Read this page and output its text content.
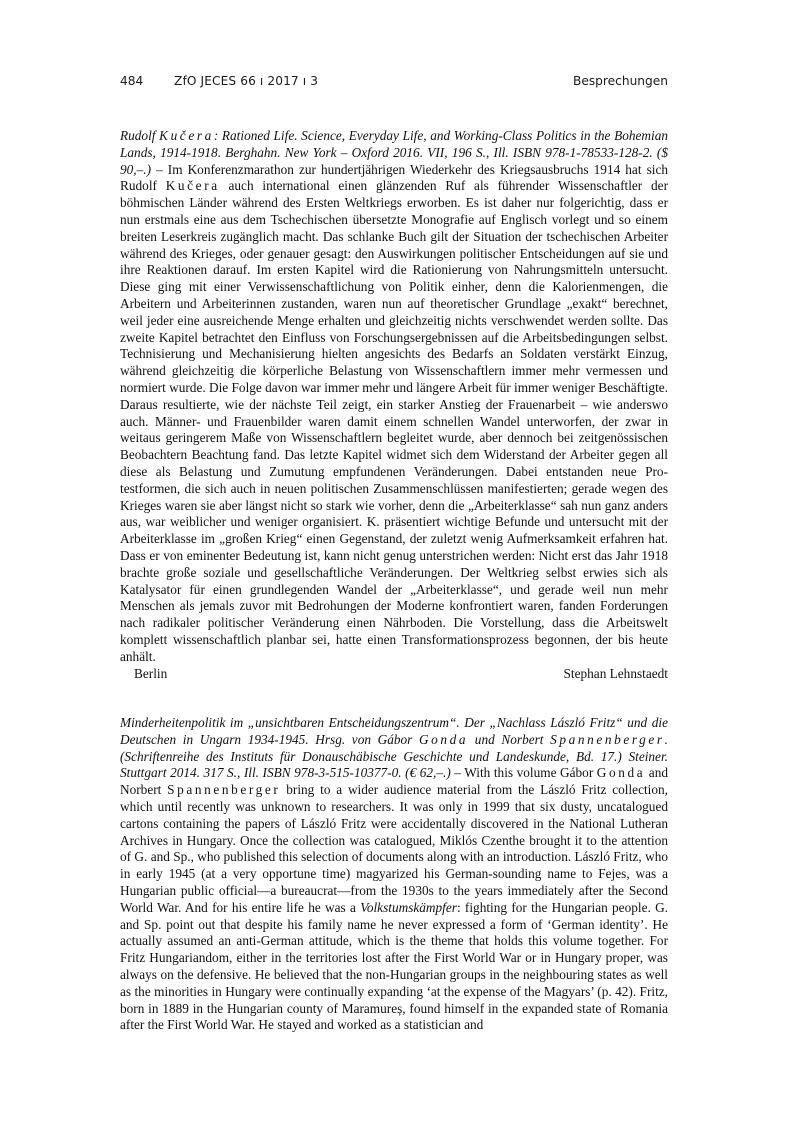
484	ZfO JECES 66 ı 2017 ı 3	Besprechungen

Rudolf Kučera: Rationed Life. Science, Everyday Life, and Working-Class Politics in the Bohemian Lands, 1914-1918. Berghahn. New York – Oxford 2016. VII, 196 S., Ill. ISBN 978-1-78533-128-2. ($ 90,–.) – Im Konferenzmarathon zur hundertjährigen Wiederkehr des Kriegsausbruchs 1914 hat sich Rudolf Kučera auch international einen glänzenden Ruf als führender Wissenschaftler der böhmischen Länder während des Ersten Weltkriegs erworben. Es ist daher nur folgerichtig, dass er nun erstmals eine aus dem Tschechischen übersetzte Monografie auf Englisch vorlegt und so einem breiten Leserkreis zugänglich macht. Das schlanke Buch gilt der Situation der tschechischen Arbeiter während des Krieges, oder genauer gesagt: den Auswirkungen politischer Entscheidungen auf sie und ihre Reaktionen darauf. Im ersten Kapitel wird die Rationierung von Nahrungsmitteln untersucht. Diese ging mit einer Verwissenschaftlichung von Politik einher, denn die Kalorienmengen, die Arbeitern und Arbeiterinnen zustanden, waren nun auf theoretischer Grundlage „exakt“ berechnet, weil jeder eine ausreichende Menge erhalten und gleichzeitig nichts verschwendet werden sollte. Das zweite Kapitel betrachtet den Einfluss von Forschungsergebnissen auf die Arbeitsbedingungen selbst. Technisierung und Mechanisierung hielten angesichts des Bedarfs an Soldaten verstärkt Einzug, während gleichzeitig die körperliche Belastung von Wissenschaftlern immer mehr vermessen und normiert wurde. Die Folge davon war immer mehr und längere Arbeit für immer weniger Beschäftigte. Daraus resultierte, wie der nächste Teil zeigt, ein starker Anstieg der Frauenarbeit – wie anderswo auch. Männer- und Frauenbilder waren damit einem schnellen Wandel unterworfen, der zwar in weitaus geringerem Maße von Wissenschaftlern begleitet wurde, aber dennoch bei zeitgenössischen Beobachtern Beachtung fand. Das letzte Kapitel widmet sich dem Widerstand der Arbeiter gegen all diese als Belastung und Zumutung empfundenen Veränderungen. Dabei entstanden neue Protestformen, die sich auch in neuen politischen Zusammenschlüssen manifestierten; gerade wegen des Krieges waren sie aber längst nicht so stark wie vorher, denn die „Arbeiterklasse“ sah nun ganz anders aus, war weiblicher und weniger organisiert. K. präsentiert wichtige Befunde und untersucht mit der Arbeiterklasse im „großen Krieg“ einen Gegenstand, der zuletzt wenig Aufmerksamkeit erfahren hat. Dass er von eminenter Bedeutung ist, kann nicht genug unterstrichen werden: Nicht erst das Jahr 1918 brachte große soziale und gesellschaftliche Veränderungen. Der Weltkrieg selbst erwies sich als Katalysator für einen grundlegenden Wandel der „Arbeiterklasse“, und gerade weil nun mehr Menschen als jemals zuvor mit Bedrohungen der Moderne konfrontiert waren, fanden Forderungen nach radikaler politischer Veränderung einen Nährboden. Die Vorstellung, dass die Arbeitswelt komplett wissenschaftlich planbar sei, hatte einen Transformationsprozess begonnen, der bis heute anhält.

Berlin	Stephan Lehnstaedt

Minderheitenpolitik im „unsichtbaren Entscheidungszentrum“. Der „Nachlass László Fritz“ und die Deutschen in Ungarn 1934-1945. Hrsg. von Gábor Gonda und Norbert Spannenberger. (Schriftenreihe des Instituts für Donauschäbische Geschichte und Landeskunde, Bd. 17.) Steiner. Stuttgart 2014. 317 S., Ill. ISBN 978-3-515-10377-0. (€ 62,–.) – With this volume Gábor Gonda and Norbert Spannenberger bring to a wider audience material from the László Fritz collection, which until recently was unknown to researchers. It was only in 1999 that six dusty, uncatalogued cartons containing the papers of László Fritz were accidentally discovered in the National Lutheran Archives in Hungary. Once the collection was catalogued, Miklós Czenthe brought it to the attention of G. and Sp., who published this selection of documents along with an introduction. László Fritz, who in early 1945 (at a very opportune time) magyarized his German-sounding name to Fejes, was a Hungarian public official—a bureaucrat—from the 1930s to the years immediately after the Second World War. And for his entire life he was a Volkstumskämpfer: fighting for the Hungarian people. G. and Sp. point out that despite his family name he never expressed a form of ‘German identity’. He actually assumed an anti-German attitude, which is the theme that holds this volume together. For Fritz Hungariandom, either in the territories lost after the First World War or in Hungary proper, was always on the defensive. He believed that the non-Hungarian groups in the neighbouring states as well as the minorities in Hungary were continually expanding ‘at the expense of the Magyars’ (p. 42). Fritz, born in 1889 in the Hungarian county of Maramureș, found himself in the expanded state of Romania after the First World War. He stayed and worked as a statistician and
